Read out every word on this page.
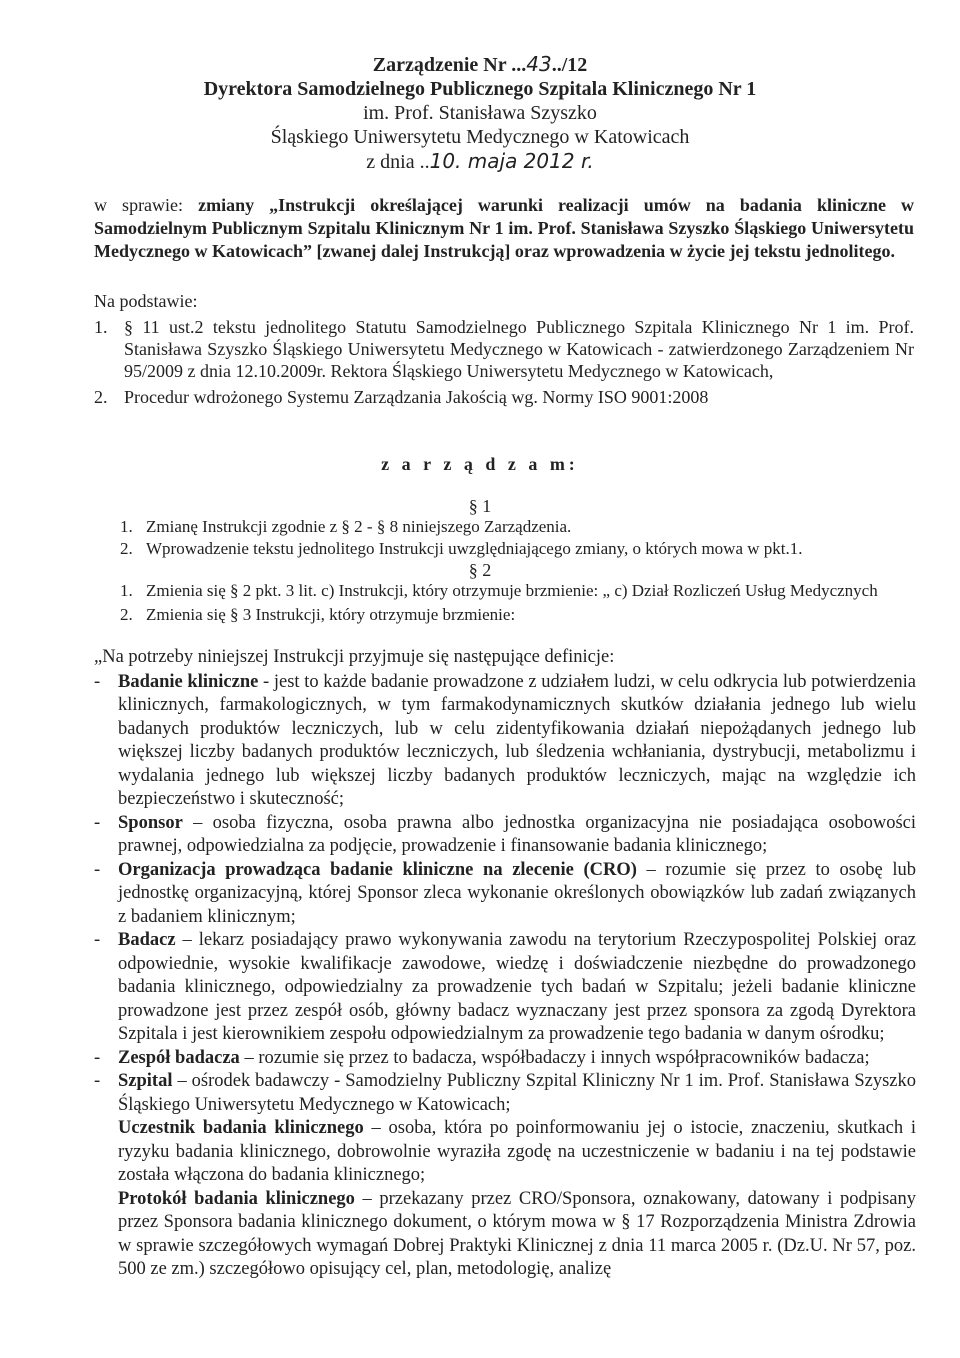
Zarządzenie Nr ...43../12
Dyrektora Samodzielnego Publicznego Szpitala Klinicznego Nr 1
im. Prof. Stanisława Szyszko
Śląskiego Uniwersytetu Medycznego w Katowicach
z dnia ..10. maja 2012 r.
w sprawie: zmiany „Instrukcji określającej warunki realizacji umów na badania kliniczne w Samodzielnym Publicznym Szpitalu Klinicznym Nr 1 im. Prof. Stanisława Szyszko Śląskiego Uniwersytetu Medycznego w Katowicach” [zwanej dalej Instrukcją] oraz wprowadzenia w życie jej tekstu jednolitego.
Na podstawie:
1. § 11 ust.2 tekstu jednolitego Statutu Samodzielnego Publicznego Szpitala Klinicznego Nr 1 im. Prof. Stanisława Szyszko Śląskiego Uniwersytetu Medycznego w Katowicach - zatwierdzonego Zarządzeniem Nr 95/2009 z dnia 12.10.2009r. Rektora Śląskiego Uniwersytetu Medycznego w Katowicach,
2. Procedur wdrożonego Systemu Zarządzania Jakością wg. Normy ISO 9001:2008
z a r z ą d z a m:
§ 1
1. Zmianę Instrukcji zgodnie z § 2 - § 8 niniejszego Zarządzenia.
2. Wprowadzenie tekstu jednolitego Instrukcji uwzględniającego zmiany, o których mowa w pkt.1.
§ 2
1. Zmienia się § 2 pkt. 3 lit. c) Instrukcji, który otrzymuje brzmienie: „ c) Dział Rozliczeń Usług Medycznych
2. Zmienia się § 3 Instrukcji, który otrzymuje brzmienie:
„Na potrzeby niniejszej Instrukcji przyjmuje się następujące definicje:
- Badanie kliniczne - jest to każde badanie prowadzone z udziałem ludzi, w celu odkrycia lub potwierdzenia klinicznych, farmakologicznych, w tym farmakodynamicznych skutków działania jednego lub wielu badanych produktów leczniczych, lub w celu zidentyfikowania działań niepożądanych jednego lub większej liczby badanych produktów leczniczych, lub śledzenia wchłaniania, dystrybucji, metabolizmu i wydalania jednego lub większej liczby badanych produktów leczniczych, mając na względzie ich bezpieczeństwo i skuteczność;
- Sponsor – osoba fizyczna, osoba prawna albo jednostka organizacyjna nie posiadająca osobowości prawnej, odpowiedzialna za podjęcie, prowadzenie i finansowanie badania klinicznego;
- Organizacja prowadząca badanie kliniczne na zlecenie (CRO) – rozumie się przez to osobę lub jednostkę organizacyjną, której Sponsor zleca wykonanie określonych obowiązków lub zadań związanych z badaniem klinicznym;
- Badacz – lekarz posiadający prawo wykonywania zawodu na terytorium Rzeczypospolitej Polskiej oraz odpowiednie, wysokie kwalifikacje zawodowe, wiedzę i doświadczenie niezbędne do prowadzonego badania klinicznego, odpowiedzialny za prowadzenie tych badań w Szpitalu; jeżeli badanie kliniczne prowadzone jest przez zespół osób, główny badacz wyznaczany jest przez sponsora za zgodą Dyrektora Szpitala i jest kierownikiem zespołu odpowiedzialnym za prowadzenie tego badania w danym ośrodku;
- Zespół badacza – rozumie się przez to badacza, współbadaczy i innych współpracowników badacza;
- Szpital – ośrodek badawczy - Samodzielny Publiczny Szpital Kliniczny Nr 1 im. Prof. Stanisława Szyszko Śląskiego Uniwersytetu Medycznego w Katowicach;
Uczestnik badania klinicznego – osoba, która po poinformowaniu jej o istocie, znaczeniu, skutkach i ryzyku badania klinicznego, dobrowolnie wyraziła zgodę na uczestniczenie w badaniu i na tej podstawie została włączona do badania klinicznego;
Protokół badania klinicznego – przekazany przez CRO/Sponsora, oznakowany, datowany i podpisany przez Sponsora badania klinicznego dokument, o którym mowa w § 17 Rozporządzenia Ministra Zdrowia w sprawie szczegółowych wymagań Dobrej Praktyki Klinicznej z dnia 11 marca 2005 r. (Dz.U. Nr 57, poz. 500 ze zm.) szczegółowo opisujący cel, plan, metodologię, analizę
